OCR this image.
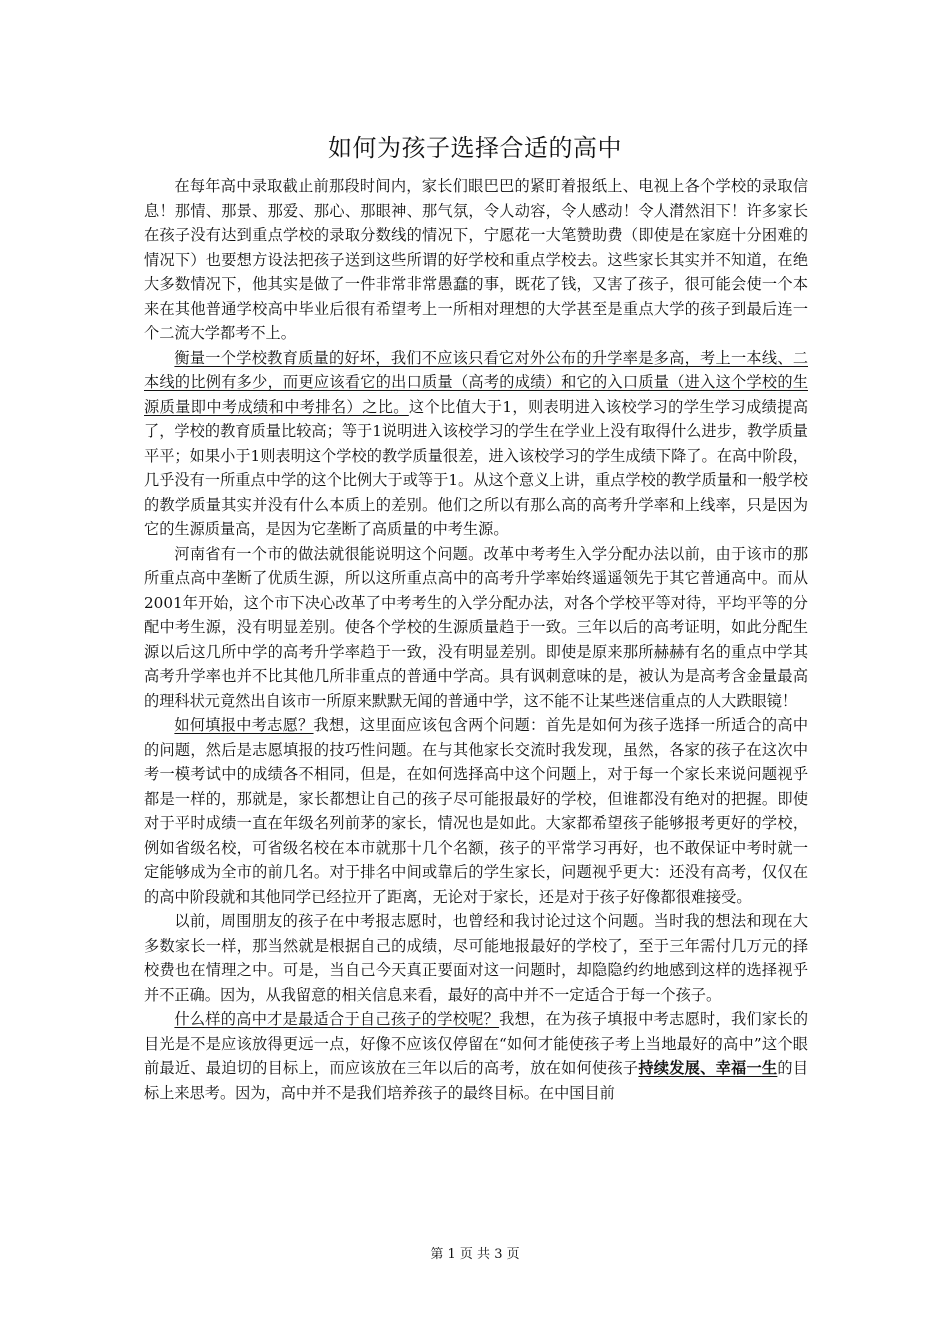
如何为孩子选择合适的高中

在每年高中录取截止前那段时间内，家长们眼巴巴的紧盯着报纸上、电视上各个学校的录取信息！那情、那景、那爱、那心、那眼神、那气氛，令人动容，令人感动！令人潸然泪下！许多家长在孩子没有达到重点学校的录取分数线的情况下，宁愿花一大笔赞助费（即使是在家庭十分困难的情况下）也要想方设法把孩子送到这些所谓的好学校和重点学校去。这些家长其实并不知道，在绝大多数情况下，他其实是做了一件非常非常愚蠢的事，既花了钱，又害了孩子，很可能会使一个本来在其他普通学校高中毕业后很有希望考上一所相对理想的大学甚至是重点大学的孩子到最后连一个二流大学都考不上。

衡量一个学校教育质量的好坏，我们不应该只看它对外公布的升学率是多高，考上一本线、二本线的比例有多少，而更应该看它的出口质量（高考的成绩）和它的入口质量（进入这个学校的生源质量即中考成绩和中考排名）之比。这个比值大于1，则表明进入该校学习的学生学习成绩提高了，学校的教育质量比较高；等于1说明进入该校学习的学生在学业上没有取得什么进步，教学质量平平；如果小于1则表明这个学校的教学质量很差，进入该校学习的学生成绩下降了。在高中阶段，几乎没有一所重点中学的这个比例大于或等于1。从这个意义上讲，重点学校的教学质量和一般学校的教学质量其实并没有什么本质上的差别。他们之所以有那么高的高考升学率和上线率，只是因为它的生源质量高，是因为它垄断了高质量的中考生源。

河南省有一个市的做法就很能说明这个问题。改革中考考生入学分配办法以前，由于该市的那所重点高中垄断了优质生源，所以这所重点高中的高考升学率始终遥遥领先于其它普通高中。而从2001年开始，这个市下决心改革了中考考生的入学分配办法，对各个学校平等对待，平均平等的分配中考生源，没有明显差别。使各个学校的生源质量趋于一致。三年以后的高考证明，如此分配生源以后这几所中学的高考升学率趋于一致，没有明显差别。即使是原来那所赫赫有名的重点中学其高考升学率也并不比其他几所非重点的普通中学高。具有讽刺意味的是，被认为是高考含金量最高的理科状元竟然出自该市一所原来默默无闻的普通中学，这不能不让某些迷信重点的人大跌眼镜！

如何填报中考志愿？我想，这里面应该包含两个问题：首先是如何为孩子选择一所适合的高中的问题，然后是志愿填报的技巧性问题。在与其他家长交流时我发现，虽然，各家的孩子在这次中考一模考试中的成绩各不相同，但是，在如何选择高中这个问题上，对于每一个家长来说问题视乎都是一样的，那就是，家长都想让自己的孩子尽可能报最好的学校，但谁都没有绝对的把握。即使对于平时成绩一直在年级名列前茅的家长，情况也是如此。大家都希望孩子能够报考更好的学校，例如省级名校，可省级名校在本市就那十几个名额，孩子的平常学习再好，也不敢保证中考时就一定能够成为全市的前几名。对于排名中间或靠后的学生家长，问题视乎更大：还没有高考，仅仅在的高中阶段就和其他同学已经拉开了距离，无论对于家长，还是对于孩子好像都很难接受。

以前，周围朋友的孩子在中考报志愿时，也曾经和我讨论过这个问题。当时我的想法和现在大多数家长一样，那当然就是根据自己的成绩，尽可能地报最好的学校了，至于三年需付几万元的择校费也在情理之中。可是，当自己今天真正要面对这一问题时，却隐隐约约地感到这样的选择视乎并不正确。因为，从我留意的相关信息来看，最好的高中并不一定适合于每一个孩子。

什么样的高中才是最适合于自己孩子的学校呢？我想，在为孩子填报中考志愿时，我们家长的目光是不是应该放得更远一点，好像不应该仅停留在“如何才能使孩子考上当地最好的高中”这个眼前最近、最迫切的目标上，而应该放在三年以后的高考，放在如何使孩子持续发展、幸福一生的目标上来思考。因为，高中并不是我们培养孩子的最终目标。在中国目前

第 1 页 共 3 页
